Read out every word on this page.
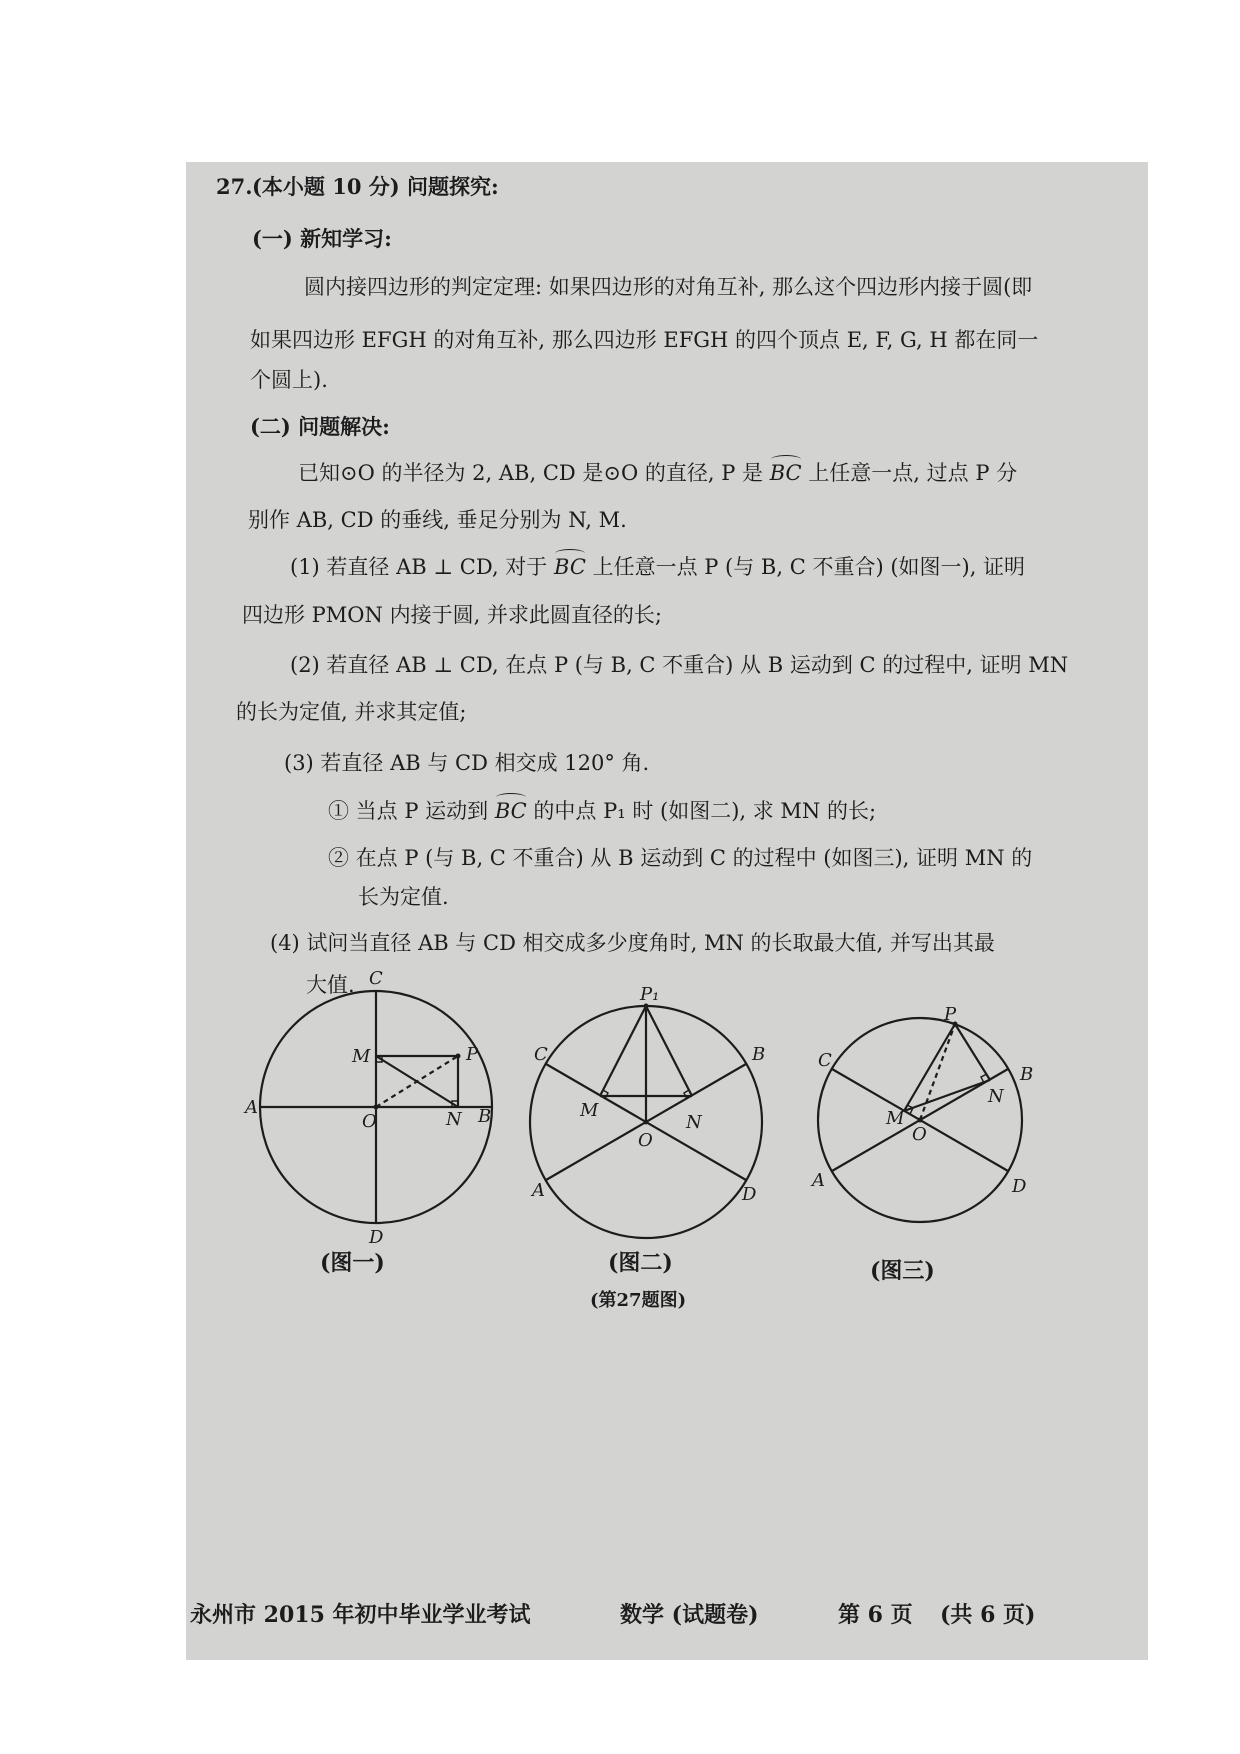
27. (本小题 10 分) 问题探究:
(一) 新知学习:
圆内接四边形的判定定理: 如果四边形的对角互补, 那么这个四边形内接于圆(即
如果四边形 EFGH 的对角互补, 那么四边形 EFGH 的四个顶点 E, F, G, H 都在同一
个圆上).
(二) 问题解决:
已知⊙O 的半径为 2, AB, CD 是⊙O 的直径, P 是 BC 上任意一点, 过点 P 分
别作 AB, CD 的垂线, 垂足分别为 N, M.
(1) 若直径 AB ⊥ CD, 对于 BC 上任意一点 P (与 B, C 不重合) (如图一), 证明
四边形 PMON 内接于圆, 并求此圆直径的长;
(2) 若直径 AB ⊥ CD, 在点 P (与 B, C 不重合) 从 B 运动到 C 的过程中, 证明 MN
的长为定值, 并求其定值;
(3) 若直径 AB 与 CD 相交成 120° 角.
① 当点 P 运动到 BC 的中点 P₁ 时 (如图二), 求 MN 的长;
② 在点 P (与 B, C 不重合) 从 B 运动到 C 的过程中 (如图三), 证明 MN 的
长为定值.
(4) 试问当直径 AB 与 CD 相交成多少度角时, MN 的长取最大值, 并写出其最
大值. C
A	B
D
O
M
N
P
P₁
C	B
A	D
M
N
O
P
C
B
A	D
M
N
O
(图一)	(图二)	(图三)
(第27题图)
永州市 2015 年初中毕业学业考试	数学 (试题卷)	第 6 页 (共 6 页)
